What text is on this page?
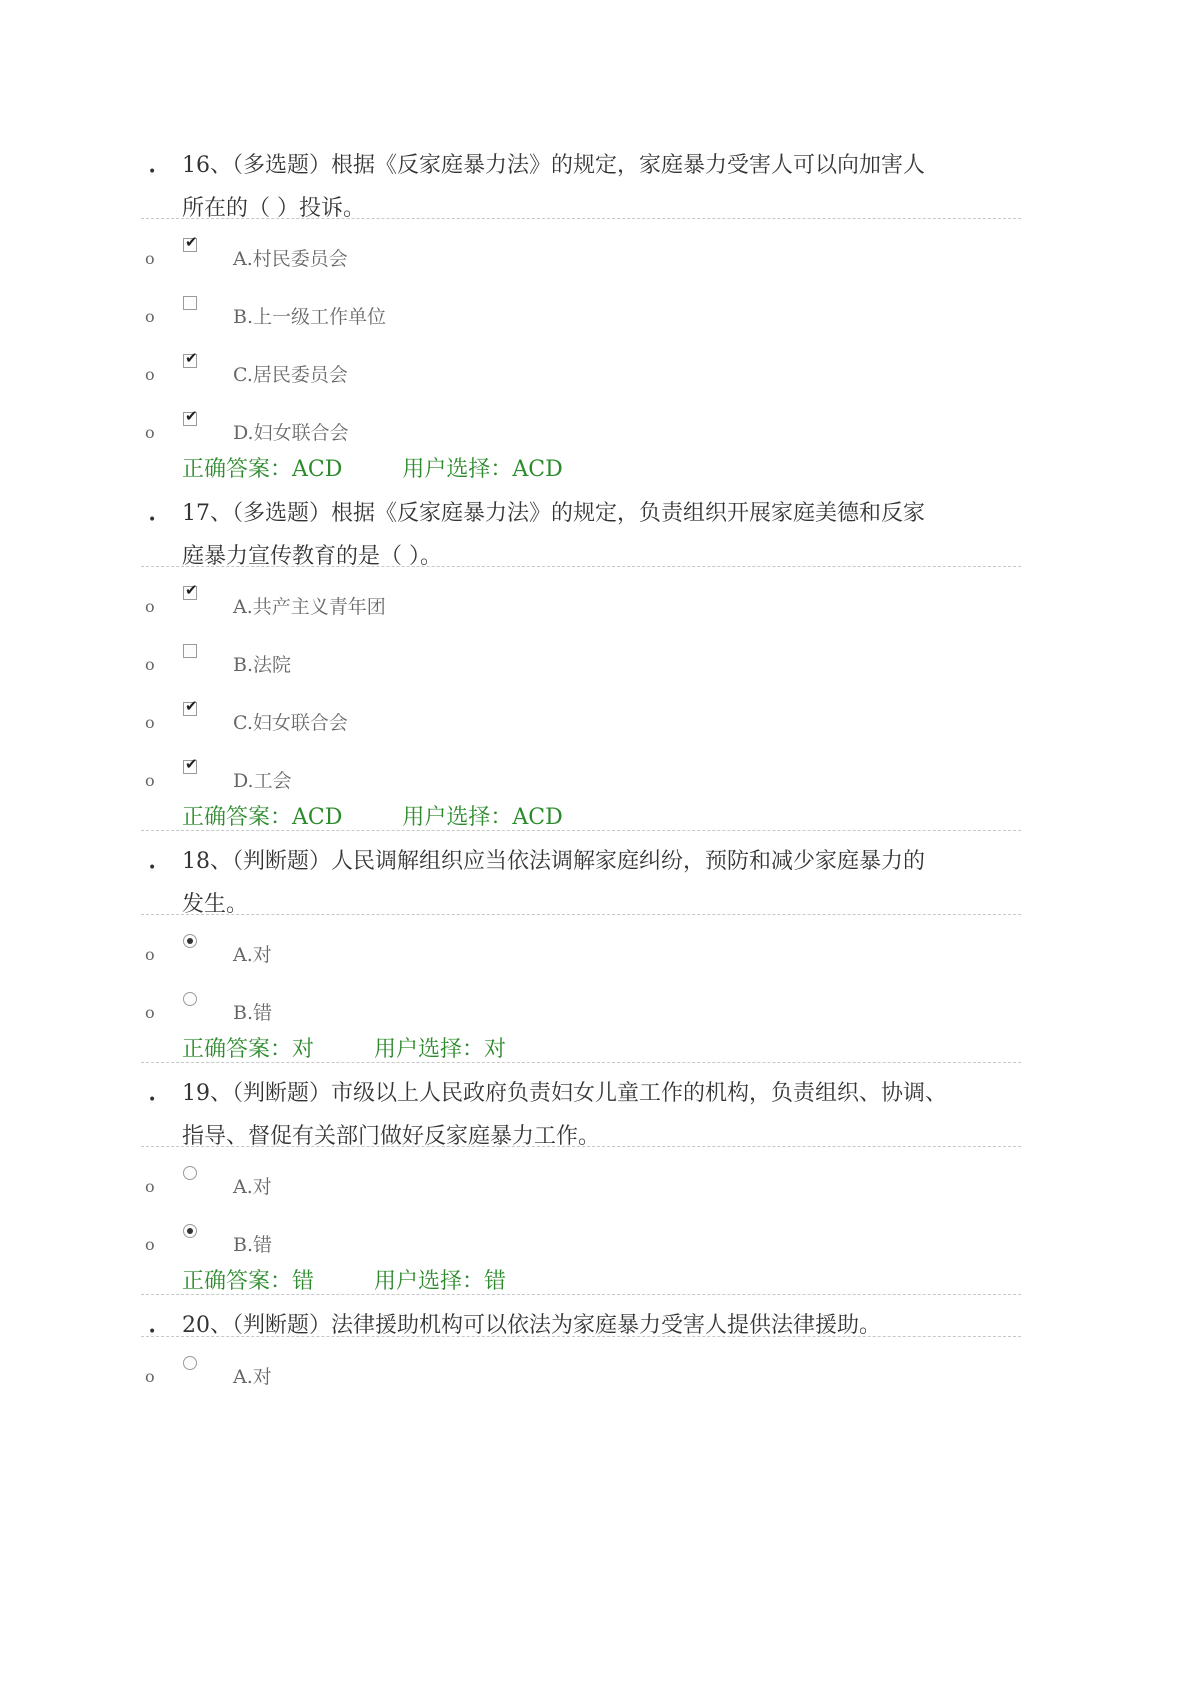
• 16、（多选题）根据《反家庭暴力法》的规定，家庭暴力受害人可以向加害人
所在的（ ）投诉。
o
✔
A.村民委员会
o	B.上一级工作单位
o
✔
C.居民委员会
o
✔
D.妇女联合会
正确答案：ACD	用户选择：ACD
• 17、（多选题）根据《反家庭暴力法》的规定，负责组织开展家庭美德和反家
庭暴力宣传教育的是（ ）。
o
✔
A.共产主义青年团
o	B.法院
o
✔
C.妇女联合会
o
✔
D.工会
正确答案：ACD	用户选择：ACD
• 18、（判断题）人民调解组织应当依法调解家庭纠纷，预防和减少家庭暴力的
发生。
o	A.对
o	B.错
正确答案：对	用户选择：对
• 19、（判断题）市级以上人民政府负责妇女儿童工作的机构，负责组织、协调、
指导、督促有关部门做好反家庭暴力工作。
o	A.对
o	B.错
正确答案：错	用户选择：错
• 20、（判断题）法律援助机构可以依法为家庭暴力受害人提供法律援助。
o	A.对
